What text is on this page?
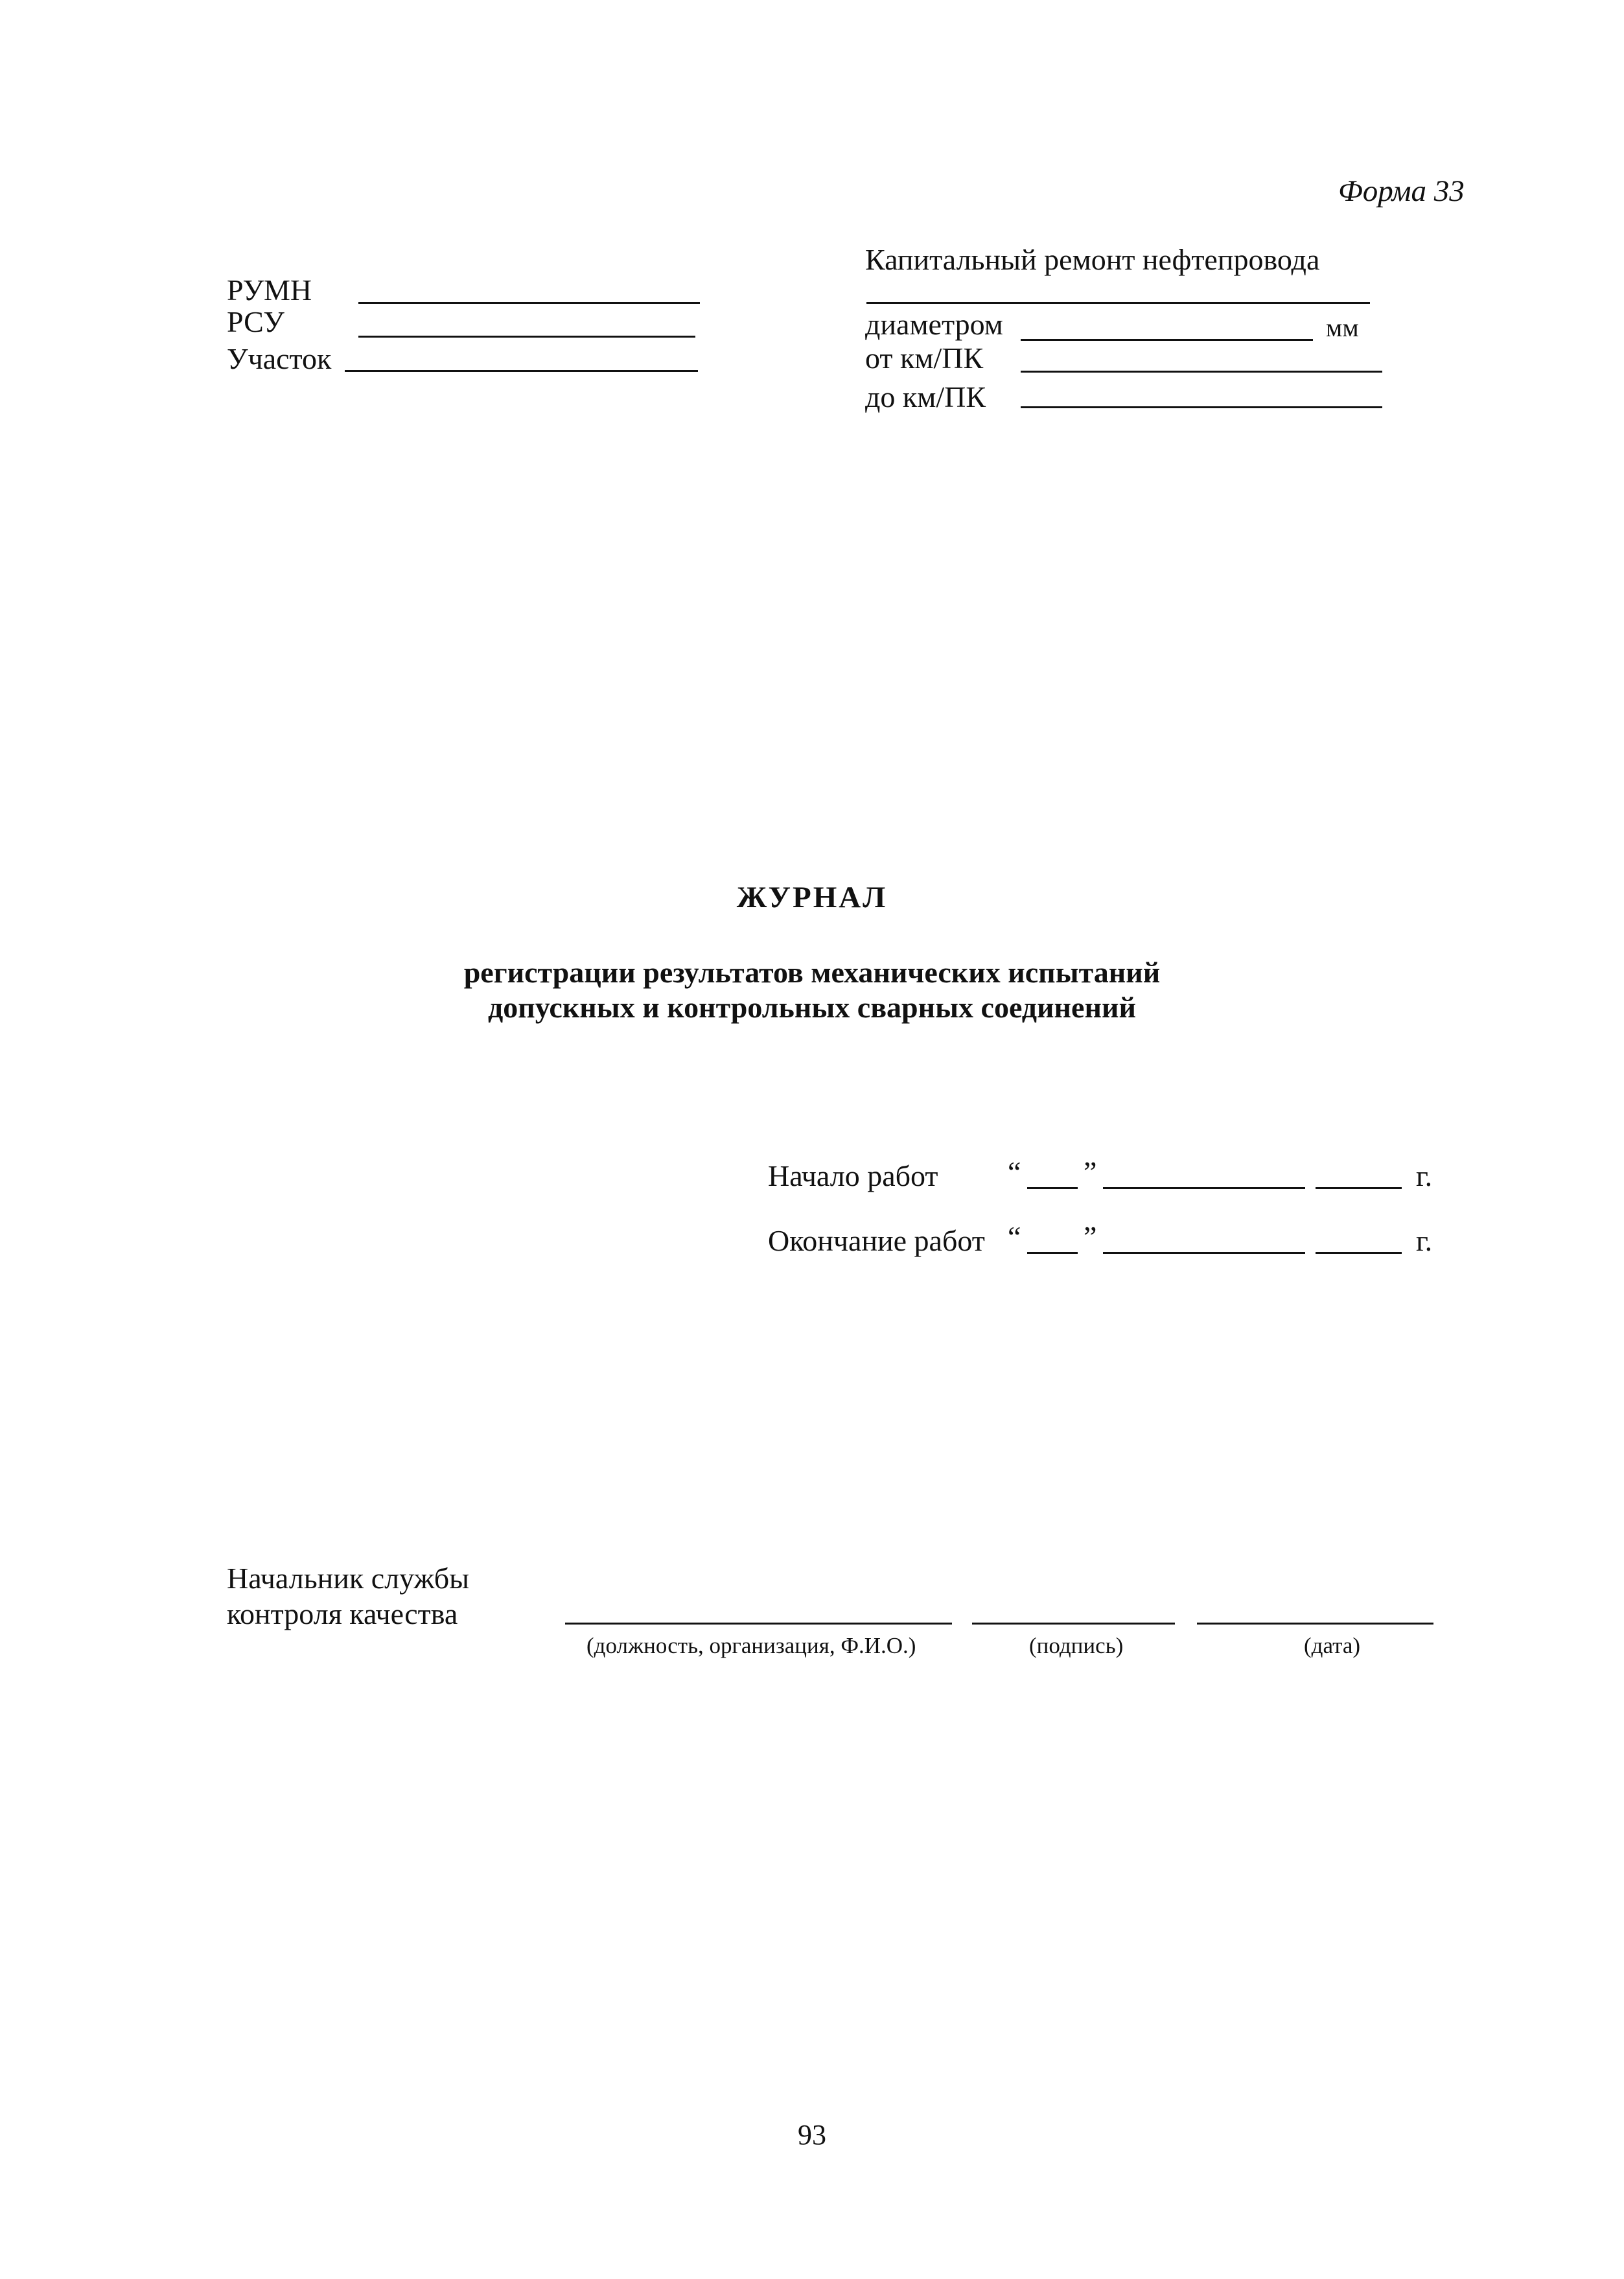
Форма 33
РУМН
РСУ
Участок
Капитальный ремонт нефтепровода
диаметром	мм
от км/ПК
до км/ПК
ЖУРНАЛ
регистрации результатов механических испытаний
допускных и контрольных сварных соединений
Начало работ “ ”	г.
Окончание работ “ ”	г.
Начальник службы
контроля качества
(должность, организация, Ф.И.О.)	(подпись)	(дата)
93
